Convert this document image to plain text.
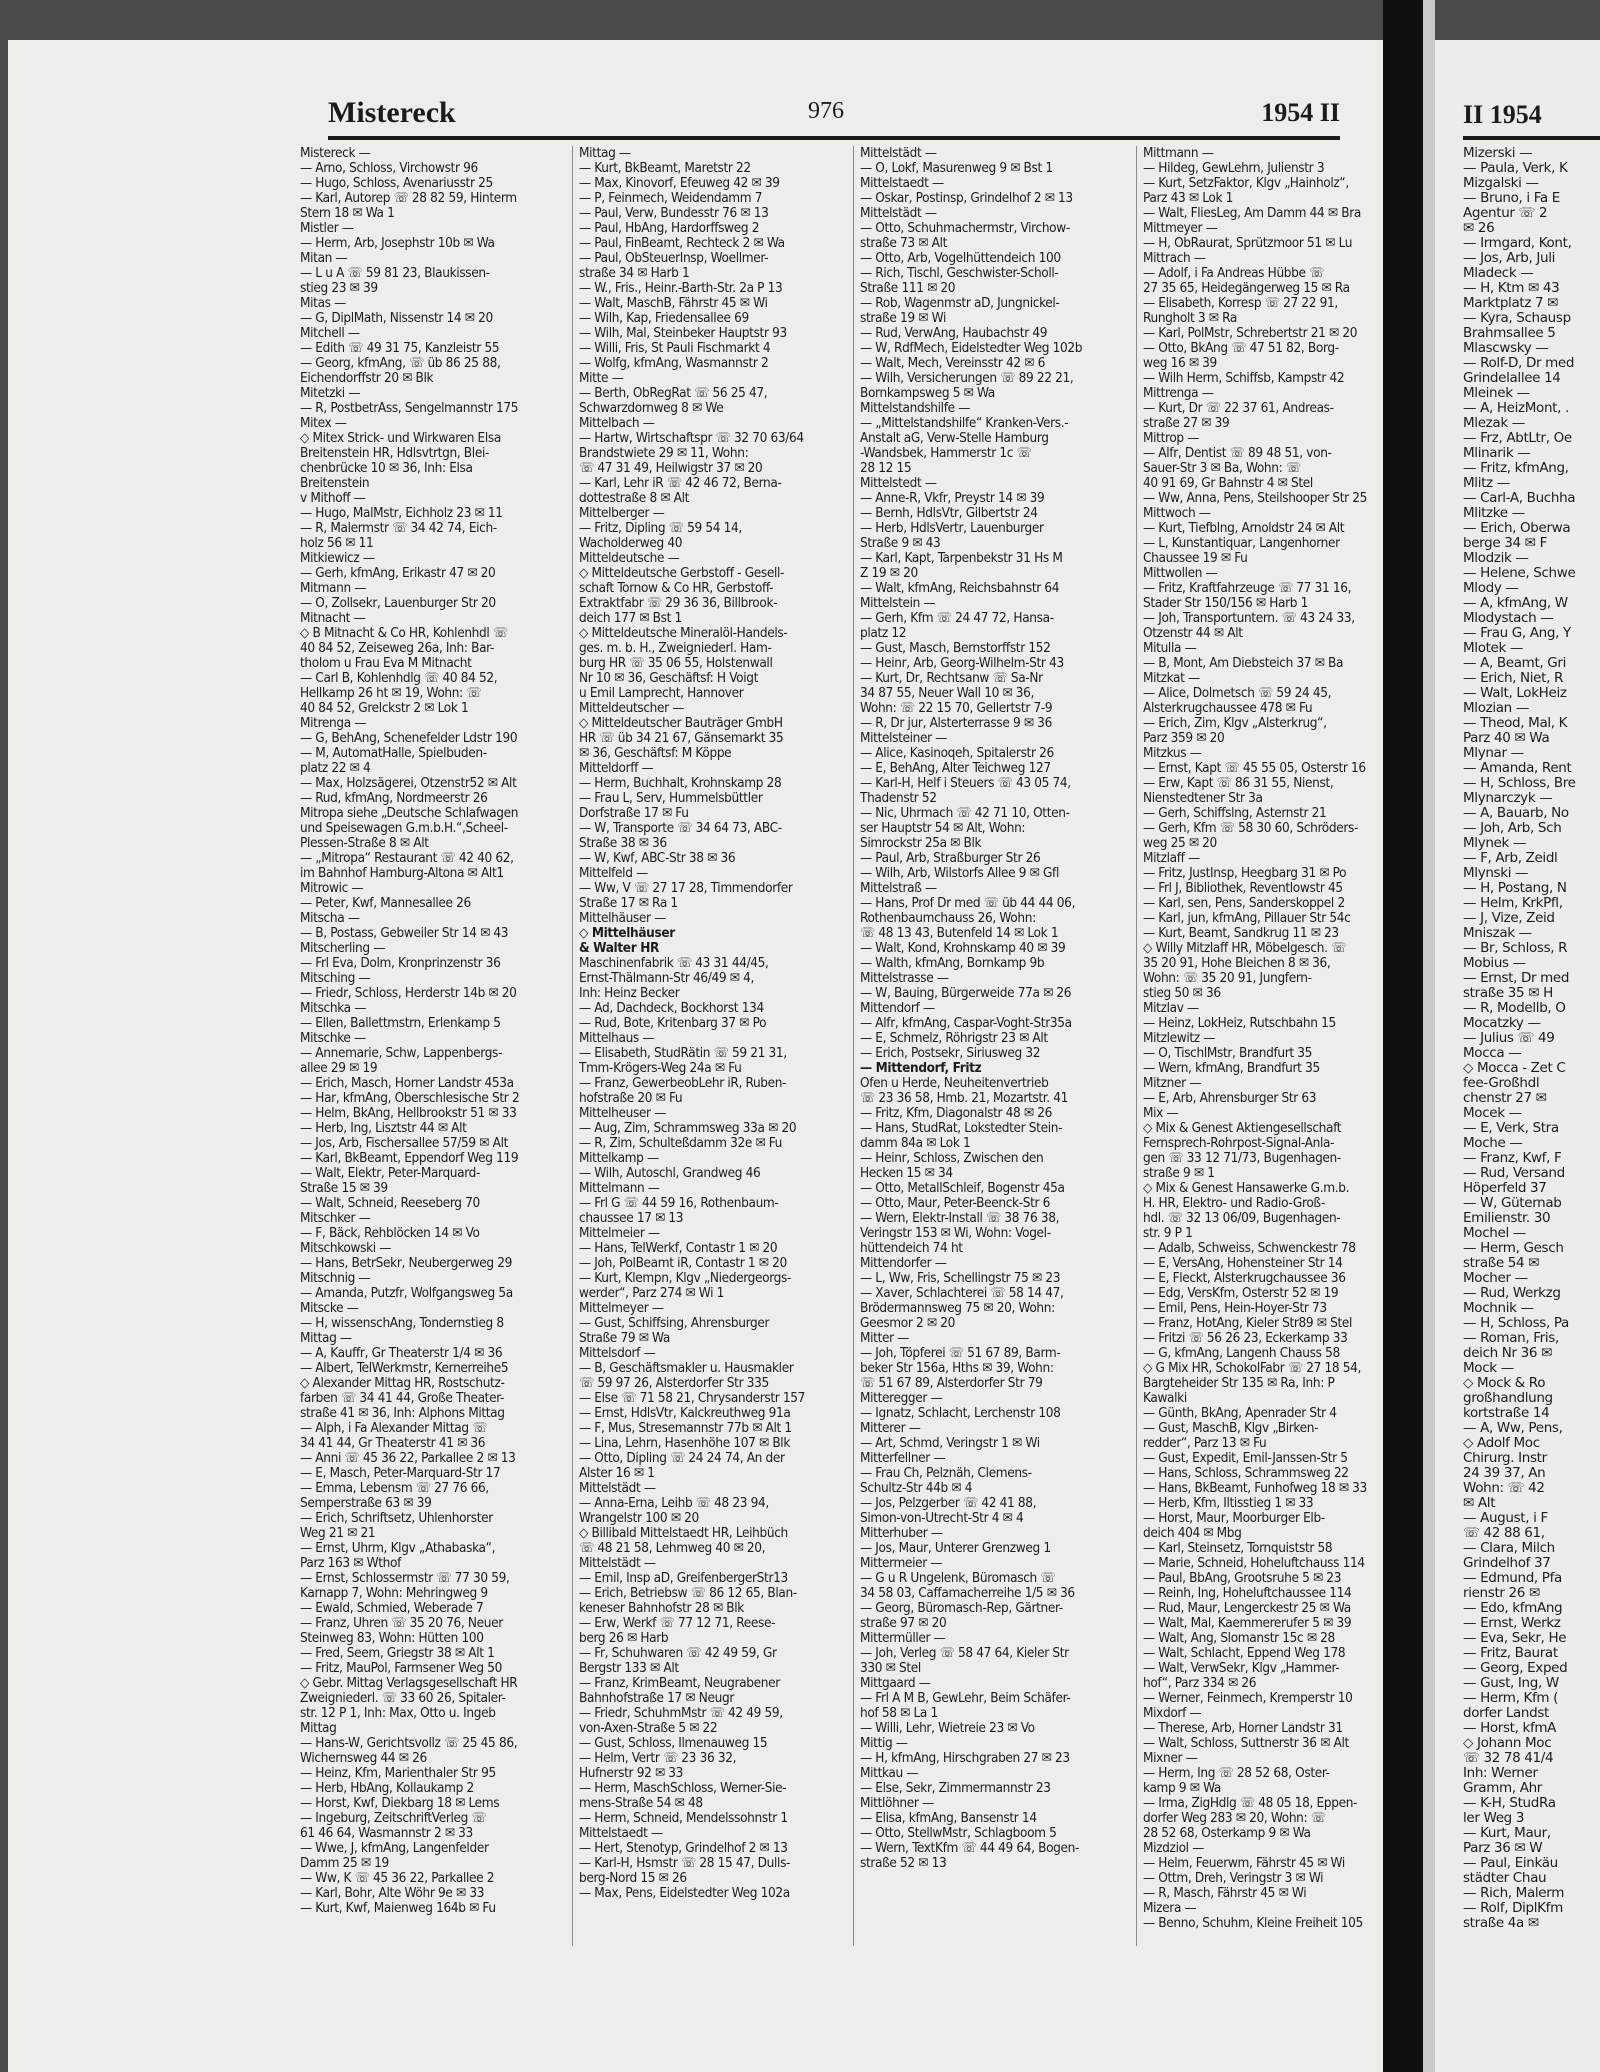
II 1954
Mizerski —
— Paula, Verk, K
Mizgalski —
— Bruno, i Fa E
Agentur ☏ 2
✉ 26
— Irmgard, Kont,
— Jos, Arb, Juli
Mladeck —
— H, Ktm ✉ 43
Marktplatz 7 ✉
— Kyra, Schausp
Brahmsallee 5
Mlascwsky —
— Rolf-D, Dr med
Grindelallee 14
Mleinek —
— A, HeizMont, .
Mlezak —
— Frz, AbtLtr, Oe
Mlinarik —
— Fritz, kfmAng,
Mlitz —
— Carl-A, Buchha
Mlitzke —
— Erich, Oberwa
berge 34 ✉ F
Mlodzik —
— Helene, Schwe
Mlody —
— A, kfmAng, W
Mlodystach —
— Frau G, Ang, Y
Mlotek —
— A, Beamt, Gri
— Erich, Niet, R
— Walt, LokHeiz
Mlozian —
— Theod, Mal, K
Parz 40 ✉ Wa
Mlynar —
— Amanda, Rent
— H, Schloss, Bre
Mlynarczyk —
— A, Bauarb, No
— Joh, Arb, Sch
Mlynek —
— F, Arb, Zeidl
Mlynski —
— H, Postang, N
— Helm, KrkPfl,
— J, Vize, Zeid
Mniszak —
— Br, Schloss, R
Mobius —
— Ernst, Dr med
straße 35 ✉ H
— R, Modellb, O
Mocatzky —
— Julius ☏ 49
Mocca —
◇ Mocca - Zet C
fee-Großhdl
chenstr 27 ✉
Mocek —
— E, Verk, Stra
Moche —
— Franz, Kwf, F
— Rud, Versand
Höperfeld 37
— W, Güternab
Emilienstr. 30
Mochel —
— Herm, Gesch
straße 54 ✉
Mocher —
— Rud, Werkzg
Mochnik —
— H, Schloss, Pa
— Roman, Fris,
deich Nr 36 ✉
Mock —
◇ Mock & Ro
großhandlung
kortstraße 14
— A, Ww, Pens,
◇ Adolf Moc
Chirurg. Instr
24 39 37, An
Wohn: ☏ 42
✉ Alt
— August, i F
☏ 42 88 61,
— Clara, Milch
Grindelhof 37
— Edmund, Pfa
rienstr 26 ✉
— Edo, kfmAng
— Ernst, Werkz
— Eva, Sekr, He
— Fritz, Baurat
— Georg, Exped
— Gust, Ing, W
— Herm, Kfm (
dorfer Landst
— Horst, kfmA
◇ Johann Moc
☏ 32 78 41/4
Inh: Werner
Gramm, Ahr
— K-H, StudRa
ler Weg 3
— Kurt, Maur,
Parz 36 ✉ W
— Paul, Einkäu
städter Chau
— Rich, Malerm
— Rolf, DiplKfm
straße 4a ✉
Mistereck	976	1954 II
Mistereck —
— Arno, Schloss, Virchowstr 96
— Hugo, Schloss, Avenariusstr 25
— Karl, Autorep ☏ 28 82 59, Hinterm
Stern 18 ✉ Wa 1
Mistler —
— Herm, Arb, Josephstr 10b ✉ Wa
Mitan —
— L u A ☏ 59 81 23, Blaukissen-
stieg 23 ✉ 39
Mitas —
— G, DiplMath, Nissenstr 14 ✉ 20
Mitchell —
— Edith ☏ 49 31 75, Kanzleistr 55
— Georg, kfmAng, ☏ üb 86 25 88,
Eichendorffstr 20 ✉ Blk
Mitetzki —
— R, PostbetrAss, Sengelmannstr 175
Mitex —
◇ Mitex Strick- und Wirkwaren Elsa
Breitenstein HR, Hdlsvtrtgn, Blei-
chenbrücke 10 ✉ 36, Inh: Elsa
Breitenstein
v Mithoff —
— Hugo, MalMstr, Eichholz 23 ✉ 11
— R, Malermstr ☏ 34 42 74, Eich-
holz 56 ✉ 11
Mitkiewicz —
— Gerh, kfmAng, Erikastr 47 ✉ 20
Mitmann —
— O, Zollsekr, Lauenburger Str 20
Mitnacht —
◇ B Mitnacht & Co HR, Kohlenhdl ☏
40 84 52, Zeiseweg 26a, Inh: Bar-
tholom u Frau Eva M Mitnacht
— Carl B, Kohlenhdlg ☏ 40 84 52,
Hellkamp 26 ht ✉ 19, Wohn: ☏
40 84 52, Grelckstr 2 ✉ Lok 1
Mitrenga —
— G, BehAng, Schenefelder Ldstr 190
— M, AutomatHalle, Spielbuden-
platz 22 ✉ 4
— Max, Holzsägerei, Otzenstr52 ✉ Alt
— Rud, kfmAng, Nordmeerstr 26
Mitropa siehe „Deutsche Schlafwagen
und Speisewagen G.m.b.H.“,Scheel-
Plessen-Straße 8 ✉ Alt
— „Mitropa“ Restaurant ☏ 42 40 62,
im Bahnhof Hamburg-Altona ✉ Alt1
Mitrowic —
— Peter, Kwf, Mannesallee 26
Mitscha —
— B, Postass, Gebweiler Str 14 ✉ 43
Mitscherling —
— Frl Eva, Dolm, Kronprinzenstr 36
Mitsching —
— Friedr, Schloss, Herderstr 14b ✉ 20
Mitschka —
— Ellen, Ballettmstrn, Erlenkamp 5
Mitschke —
— Annemarie, Schw, Lappenbergs-
allee 29 ✉ 19
— Erich, Masch, Horner Landstr 453a
— Har, kfmAng, Oberschlesische Str 2
— Helm, BkAng, Hellbrookstr 51 ✉ 33
— Herb, Ing, Lisztstr 44 ✉ Alt
— Jos, Arb, Fischersallee 57/59 ✉ Alt
— Karl, BkBeamt, Eppendorf Weg 119
— Walt, Elektr, Peter-Marquard-
Straße 15 ✉ 39
— Walt, Schneid, Reeseberg 70
Mitschker —
— F, Bäck, Rehblöcken 14 ✉ Vo
Mitschkowski —
— Hans, BetrSekr, Neubergerweg 29
Mitschnig —
— Amanda, Putzfr, Wolfgangsweg 5a
Mitscke —
— H, wissenschAng, Tondernstieg 8
Mittag —
— A, Kauffr, Gr Theaterstr 1/4 ✉ 36
— Albert, TelWerkmstr, Kernerreihe5
◇ Alexander Mittag HR, Rostschutz-
farben ☏ 34 41 44, Große Theater-
straße 41 ✉ 36, Inh: Alphons Mittag
— Alph, i Fa Alexander Mittag ☏
34 41 44, Gr Theaterstr 41 ✉ 36
— Anni ☏ 45 36 22, Parkallee 2 ✉ 13
— E, Masch, Peter-Marquard-Str 17
— Emma, Lebensm ☏ 27 76 66,
Semperstraße 63 ✉ 39
— Erich, Schriftsetz, Uhlenhorster
Weg 21 ✉ 21
— Ernst, Uhrm, Klgv „Athabaska“,
Parz 163 ✉ Wthof
— Ernst, Schlossermstr ☏ 77 30 59,
Karnapp 7, Wohn: Mehringweg 9
— Ewald, Schmied, Weberade 7
— Franz, Uhren ☏ 35 20 76, Neuer
Steinweg 83, Wohn: Hütten 100
— Fred, Seem, Griegstr 38 ✉ Alt 1
— Fritz, MauPol, Farmsener Weg 50
◇ Gebr. Mittag Verlagsgesellschaft HR
Zweigniederl. ☏ 33 60 26, Spitaler-
str. 12 P 1, Inh: Max, Otto u. Ingeb
Mittag
— Hans-W, Gerichtsvollz ☏ 25 45 86,
Wichernsweg 44 ✉ 26
— Heinz, Kfm, Marienthaler Str 95
— Herb, HbAng, Kollaukamp 2
— Horst, Kwf, Diekbarg 18 ✉ Lems
— Ingeburg, ZeitschriftVerleg ☏
61 46 64, Wasmannstr 2 ✉ 33
— Wwe, J, kfmAng, Langenfelder
Damm 25 ✉ 19
— Ww, K ☏ 45 36 22, Parkallee 2
— Karl, Bohr, Alte Wöhr 9e ✉ 33
— Kurt, Kwf, Maienweg 164b ✉ Fu
Mittag —
— Kurt, BkBeamt, Maretstr 22
— Max, Kinovorf, Efeuweg 42 ✉ 39
— P, Feinmech, Weidendamm 7
— Paul, Verw, Bundesstr 76 ✉ 13
— Paul, HbAng, Hardorffsweg 2
— Paul, FinBeamt, Rechteck 2 ✉ Wa
— Paul, ObSteuerInsp, Woellmer-
straße 34 ✉ Harb 1
— W., Fris., Heinr.-Barth-Str. 2a P 13
— Walt, MaschB, Fährstr 45 ✉ Wi
— Wilh, Kap, Friedensallee 69
— Wilh, Mal, Steinbeker Hauptstr 93
— Willi, Fris, St Pauli Fischmarkt 4
— Wolfg, kfmAng, Wasmannstr 2
Mitte —
— Berth, ObRegRat ☏ 56 25 47,
Schwarzdornweg 8 ✉ We
Mittelbach —
— Hartw, Wirtschaftspr ☏ 32 70 63/64
Brandstwiete 29 ✉ 11, Wohn:
☏ 47 31 49, Heilwigstr 37 ✉ 20
— Karl, Lehr iR ☏ 42 46 72, Berna-
dottestraße 8 ✉ Alt
Mittelberger —
— Fritz, Dipling ☏ 59 54 14,
Wacholderweg 40
Mitteldeutsche —
◇ Mitteldeutsche Gerbstoff - Gesell-
schaft Tornow & Co HR, Gerbstoff-
Extraktfabr ☏ 29 36 36, Billbrook-
deich 177 ✉ Bst 1
◇ Mitteldeutsche Mineralöl-Handels-
ges. m. b. H., Zweigniederl. Ham-
burg HR ☏ 35 06 55, Holstenwall
Nr 10 ✉ 36, Geschäftsf: H Voigt
u Emil Lamprecht, Hannover
Mitteldeutscher —
◇ Mitteldeutscher Bauträger GmbH
HR ☏ üb 34 21 67, Gänsemarkt 35
✉ 36, Geschäftsf: M Köppe
Mitteldorff —
— Herm, Buchhalt, Krohnskamp 28
— Frau L, Serv, Hummelsbüttler
Dorfstraße 17 ✉ Fu
— W, Transporte ☏ 34 64 73, ABC-
Straße 38 ✉ 36
— W, Kwf, ABC-Str 38 ✉ 36
Mittelfeld —
— Ww, V ☏ 27 17 28, Timmendorfer
Straße 17 ✉ Ra 1
Mittelhäuser —
◇ Mittelhäuser
& Walter HR
Maschinenfabrik ☏ 43 31 44/45,
Ernst-Thälmann-Str 46/49 ✉ 4,
Inh: Heinz Becker
— Ad, Dachdeck, Bockhorst 134
— Rud, Bote, Kritenbarg 37 ✉ Po
Mittelhaus —
— Elisabeth, StudRätin ☏ 59 21 31,
Tmm-Krögers-Weg 24a ✉ Fu
— Franz, GewerbeobLehr iR, Ruben-
hofstraße 20 ✉ Fu
Mittelheuser —
— Aug, Zim, Schrammsweg 33a ✉ 20
— R, Zim, Schulteßdamm 32e ✉ Fu
Mittelkamp —
— Wilh, Autoschl, Grandweg 46
Mittelmann —
— Frl G ☏ 44 59 16, Rothenbaum-
chaussee 17 ✉ 13
Mittelmeier —
— Hans, TelWerkf, Contastr 1 ✉ 20
— Joh, PolBeamt iR, Contastr 1 ✉ 20
— Kurt, Klempn, Klgv „Niedergeorgs-
werder“, Parz 274 ✉ Wi 1
Mittelmeyer —
— Gust, Schiffsing, Ahrensburger
Straße 79 ✉ Wa
Mittelsdorf —
— B, Geschäftsmakler u. Hausmakler
☏ 59 97 26, Alsterdorfer Str 335
— Else ☏ 71 58 21, Chrysanderstr 157
— Ernst, HdlsVtr, Kalckreuthweg 91a
— F, Mus, Stresemannstr 77b ✉ Alt 1
— Lina, Lehrn, Hasenhöhe 107 ✉ Blk
— Otto, Dipling ☏ 24 24 74, An der
Alster 16 ✉ 1
Mittelstädt —
— Anna-Erna, Leihb ☏ 48 23 94,
Wrangelstr 100 ✉ 20
◇ Billibald Mittelstaedt HR, Leihbüch
☏ 48 21 58, Lehmweg 40 ✉ 20,
Mittelstädt —
— Emil, Insp aD, GreifenbergerStr13
— Erich, Betriebsw ☏ 86 12 65, Blan-
keneser Bahnhofstr 28 ✉ Blk
— Erw, Werkf ☏ 77 12 71, Reese-
berg 26 ✉ Harb
— Fr, Schuhwaren ☏ 42 49 59, Gr
Bergstr 133 ✉ Alt
— Franz, KrimBeamt, Neugrabener
Bahnhofstraße 17 ✉ Neugr
— Friedr, SchuhmMstr ☏ 42 49 59,
von-Axen-Straße 5 ✉ 22
— Gust, Schloss, Ilmenauweg 15
— Helm, Vertr ☏ 23 36 32,
Hufnerstr 92 ✉ 33
— Herm, MaschSchloss, Werner-Sie-
mens-Straße 54 ✉ 48
— Herm, Schneid, Mendelssohnstr 1
Mittelstaedt —
— Hert, Stenotyp, Grindelhof 2 ✉ 13
— Karl-H, Hsmstr ☏ 28 15 47, Dulls-
berg-Nord 15 ✉ 26
— Max, Pens, Eidelstedter Weg 102a
Mittelstädt —
— O, Lokf, Masurenweg 9 ✉ Bst 1
Mittelstaedt —
— Oskar, Postinsp, Grindelhof 2 ✉ 13
Mittelstädt —
— Otto, Schuhmachermstr, Virchow-
straße 73 ✉ Alt
— Otto, Arb, Vogelhüttendeich 100
— Rich, Tischl, Geschwister-Scholl-
Straße 111 ✉ 20
— Rob, Wagenmstr aD, Jungnickel-
straße 19 ✉ Wi
— Rud, VerwAng, Haubachstr 49
— W, RdfMech, Eidelstedter Weg 102b
— Walt, Mech, Vereinsstr 42 ✉ 6
— Wilh, Versicherungen ☏ 89 22 21,
Bornkampsweg 5 ✉ Wa
Mittelstandshilfe —
— „Mittelstandshilfe“ Kranken-Vers.-
Anstalt aG, Verw-Stelle Hamburg
-Wandsbek, Hammerstr 1c ☏
28 12 15
Mittelstedt —
— Anne-R, Vkfr, Preystr 14 ✉ 39
— Bernh, HdlsVtr, Gilbertstr 24
— Herb, HdlsVertr, Lauenburger
Straße 9 ✉ 43
— Karl, Kapt, Tarpenbekstr 31 Hs M
Z 19 ✉ 20
— Walt, kfmAng, Reichsbahnstr 64
Mittelstein —
— Gerh, Kfm ☏ 24 47 72, Hansa-
platz 12
— Gust, Masch, Bernstorffstr 152
— Heinr, Arb, Georg-Wilhelm-Str 43
— Kurt, Dr, Rechtsanw ☏ Sa-Nr
34 87 55, Neuer Wall 10 ✉ 36,
Wohn: ☏ 22 15 70, Gellertstr 7-9
— R, Dr jur, Alsterterrasse 9 ✉ 36
Mittelsteiner —
— Alice, Kasinoqeh, Spitalerstr 26
— E, BehAng, Alter Teichweg 127
— Karl-H, Helf i Steuers ☏ 43 05 74,
Thadenstr 52
— Nic, Uhrmach ☏ 42 71 10, Otten-
ser Hauptstr 54 ✉ Alt, Wohn:
Simrockstr 25a ✉ Blk
— Paul, Arb, Straßburger Str 26
— Wilh, Arb, Wilstorfs Allee 9 ✉ Gfl
Mittelstraß —
— Hans, Prof Dr med ☏ üb 44 44 06,
Rothenbaumchauss 26, Wohn:
☏ 48 13 43, Butenfeld 14 ✉ Lok 1
— Walt, Kond, Krohnskamp 40 ✉ 39
— Walth, kfmAng, Bornkamp 9b
Mittelstrasse —
— W, Bauing, Bürgerweide 77a ✉ 26
Mittendorf —
— Alfr, kfmAng, Caspar-Voght-Str35a
— E, Schmelz, Röhrigstr 23 ✉ Alt
— Erich, Postsekr, Siriusweg 32
— Mittendorf, Fritz
Öfen u Herde, Neuheitenvertrieb
☏ 23 36 58, Hmb. 21, Mozartstr. 41
— Fritz, Kfm, Diagonalstr 48 ✉ 26
— Hans, StudRat, Lokstedter Stein-
damm 84a ✉ Lok 1
— Heinr, Schloss, Zwischen den
Hecken 15 ✉ 34
— Otto, MetallSchleif, Bogenstr 45a
— Otto, Maur, Peter-Beenck-Str 6
— Wern, Elektr-Install ☏ 38 76 38,
Veringstr 153 ✉ Wi, Wohn: Vogel-
hüttendeich 74 ht
Mittendorfer —
— L, Ww, Fris, Schellingstr 75 ✉ 23
— Xaver, Schlachterei ☏ 58 14 47,
Brödermannsweg 75 ✉ 20, Wohn:
Geesmor 2 ✉ 20
Mitter —
— Joh, Töpferei ☏ 51 67 89, Barm-
beker Str 156a, Hths ✉ 39, Wohn:
☏ 51 67 89, Alsterdorfer Str 79
Mitteregger —
— Ignatz, Schlacht, Lerchenstr 108
Mitterer —
— Art, Schmd, Veringstr 1 ✉ Wi
Mitterfellner —
— Frau Ch, Pelznäh, Clemens-
Schultz-Str 44b ✉ 4
— Jos, Pelzgerber ☏ 42 41 88,
Simon-von-Utrecht-Str 4 ✉ 4
Mitterhuber —
— Jos, Maur, Unterer Grenzweg 1
Mittermeier —
— G u R Ungelenk, Büromasch ☏
34 58 03, Caffamacherreihe 1/5 ✉ 36
— Georg, Büromasch-Rep, Gärtner-
straße 97 ✉ 20
Mittermüller —
— Joh, Verleg ☏ 58 47 64, Kieler Str
330 ✉ Stel
Mittgaard —
— Frl A M B, GewLehr, Beim Schäfer-
hof 58 ✉ La 1
— Willi, Lehr, Wietreie 23 ✉ Vo
Mittig —
— H, kfmAng, Hirschgraben 27 ✉ 23
Mittkau —
— Else, Sekr, Zimmermannstr 23
Mittlöhner —
— Elisa, kfmAng, Bansenstr 14
— Otto, StellwMstr, Schlagboom 5
— Wern, TextKfm ☏ 44 49 64, Bogen-
straße 52 ✉ 13
Mittmann —
— Hildeg, GewLehrn, Julienstr 3
— Kurt, SetzFaktor, Klgv „Hainholz“,
Parz 43 ✉ Lok 1
— Walt, FliesLeg, Am Damm 44 ✉ Bra
Mittmeyer —
— H, ObRaurat, Sprützmoor 51 ✉ Lu
Mittrach —
— Adolf, i Fa Andreas Hübbe ☏
27 35 65, Heidegängerweg 15 ✉ Ra
— Elisabeth, Korresp ☏ 27 22 91,
Rungholt 3 ✉ Ra
— Karl, PolMstr, Schrebertstr 21 ✉ 20
— Otto, BkAng ☏ 47 51 82, Borg-
weg 16 ✉ 39
— Wilh Herm, Schiffsb, Kampstr 42
Mittrenga —
— Kurt, Dr ☏ 22 37 61, Andreas-
straße 27 ✉ 39
Mittrop —
— Alfr, Dentist ☏ 89 48 51, von-
Sauer-Str 3 ✉ Ba, Wohn: ☏
40 91 69, Gr Bahnstr 4 ✉ Stel
— Ww, Anna, Pens, Steilshooper Str 25
Mittwoch —
— Kurt, Tiefblng, Arnoldstr 24 ✉ Alt
— L, Kunstantiquar, Langenhorner
Chaussee 19 ✉ Fu
Mittwollen —
— Fritz, Kraftfahrzeuge ☏ 77 31 16,
Stader Str 150/156 ✉ Harb 1
— Joh, Transportuntern. ☏ 43 24 33,
Otzenstr 44 ✉ Alt
Mitulla —
— B, Mont, Am Diebsteich 37 ✉ Ba
Mitzkat —
— Alice, Dolmetsch ☏ 59 24 45,
Alsterkrugchaussee 478 ✉ Fu
— Erich, Zim, Klgv „Alsterkrug“,
Parz 359 ✉ 20
Mitzkus —
— Ernst, Kapt ☏ 45 55 05, Osterstr 16
— Erw, Kapt ☏ 86 31 55, Nienst,
Nienstedtener Str 3a
— Gerh, Schiffslng, Asternstr 21
— Gerh, Kfm ☏ 58 30 60, Schröders-
weg 25 ✉ 20
Mitzlaff —
— Fritz, JustInsp, Heegbarg 31 ✉ Po
— Frl J, Bibliothek, Reventlowstr 45
— Karl, sen, Pens, Sanderskoppel 2
— Karl, jun, kfmAng, Pillauer Str 54c
— Kurt, Beamt, Sandkrug 11 ✉ 23
◇ Willy Mitzlaff HR, Möbelgesch. ☏
35 20 91, Hohe Bleichen 8 ✉ 36,
Wohn: ☏ 35 20 91, Jungfern-
stieg 50 ✉ 36
Mitzlav —
— Heinz, LokHeiz, Rutschbahn 15
Mitzlewitz —
— O, TischlMstr, Brandfurt 35
— Wern, kfmAng, Brandfurt 35
Mitzner —
— E, Arb, Ahrensburger Str 63
Mix —
◇ Mix & Genest Aktiengesellschaft
Fernsprech-Rohrpost-Signal-Anla-
gen ☏ 33 12 71/73, Bugenhagen-
straße 9 ✉ 1
◇ Mix & Genest Hansawerke G.m.b.
H. HR, Elektro- und Radio-Groß-
hdl. ☏ 32 13 06/09, Bugenhagen-
str. 9 P 1
— Adalb, Schweiss, Schwenckestr 78
— E, VersAng, Hohensteiner Str 14
— E, Fleckt, Alsterkrugchaussee 36
— Edg, VersKfm, Osterstr 52 ✉ 19
— Emil, Pens, Hein-Hoyer-Str 73
— Franz, HotAng, Kieler Str89 ✉ Stel
— Fritzi ☏ 56 26 23, Eckerkamp 33
— G, kfmAng, Langenh Chauss 58
◇ G Mix HR, SchokolFabr ☏ 27 18 54,
Bargteheider Str 135 ✉ Ra, Inh: P
Kawalki
— Günth, BkAng, Apenrader Str 4
— Gust, MaschB, Klgv „Birken-
redder“, Parz 13 ✉ Fu
— Gust, Expedit, Emil-Janssen-Str 5
— Hans, Schloss, Schrammsweg 22
— Hans, BkBeamt, Funhofweg 18 ✉ 33
— Herb, Kfm, Iltisstieg 1 ✉ 33
— Horst, Maur, Moorburger Elb-
deich 404 ✉ Mbg
— Karl, Steinsetz, Tornquiststr 58
— Marie, Schneid, Hoheluftchauss 114
— Paul, BbAng, Grootsruhe 5 ✉ 23
— Reinh, Ing, Hoheluftchaussee 114
— Rud, Maur, Lengerckestr 25 ✉ Wa
— Walt, Mal, Kaemmererufer 5 ✉ 39
— Walt, Ang, Slomanstr 15c ✉ 28
— Walt, Schlacht, Eppend Weg 178
— Walt, VerwSekr, Klgv „Hammer-
hof“, Parz 334 ✉ 26
— Werner, Feinmech, Kremperstr 10
Mixdorf —
— Therese, Arb, Horner Landstr 31
— Walt, Schloss, Suttnerstr 36 ✉ Alt
Mixner —
— Herm, Ing ☏ 28 52 68, Oster-
kamp 9 ✉ Wa
— Irma, ZigHdlg ☏ 48 05 18, Eppen-
dorfer Weg 283 ✉ 20, Wohn: ☏
28 52 68, Osterkamp 9 ✉ Wa
Mizdziol —
— Helm, Feuerwm, Fährstr 45 ✉ Wi
— Ottm, Dreh, Veringstr 3 ✉ Wi
— R, Masch, Fährstr 45 ✉ Wi
Mizera —
— Benno, Schuhm, Kleine Freiheit 105
